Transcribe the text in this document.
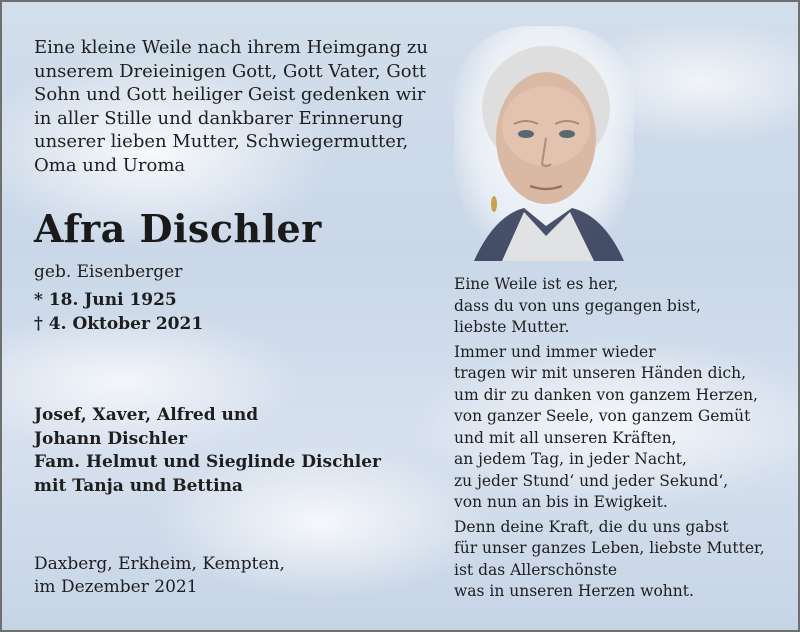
Eine kleine Weile nach ihrem Heimgang zu
unserem Dreieinigen Gott, Gott Vater, Gott
Sohn und Gott heiliger Geist gedenken wir
in aller Stille und dankbarer Erinnerung
unserer lieben Mutter, Schwiegermutter,
Oma und Uroma
Afra Dischler
geb. Eisenberger
* 18. Juni 1925
† 4. Oktober 2021
Josef, Xaver, Alfred und
Johann Dischler
Fam. Helmut und Sieglinde Dischler
mit Tanja und Bettina
Daxberg, Erkheim, Kempten,
im Dezember 2021
Eine Weile ist es her,
dass du von uns gegangen bist,
liebste Mutter.
Immer und immer wieder
tragen wir mit unseren Händen dich,
um dir zu danken von ganzem Herzen,
von ganzer Seele, von ganzem Gemüt
und mit all unseren Kräften,
an jedem Tag, in jeder Nacht,
zu jeder Stund‘ und jeder Sekund‘,
von nun an bis in Ewigkeit.
Denn deine Kraft, die du uns gabst
für unser ganzes Leben, liebste Mutter,
ist das Allerschönste
was in unseren Herzen wohnt.
